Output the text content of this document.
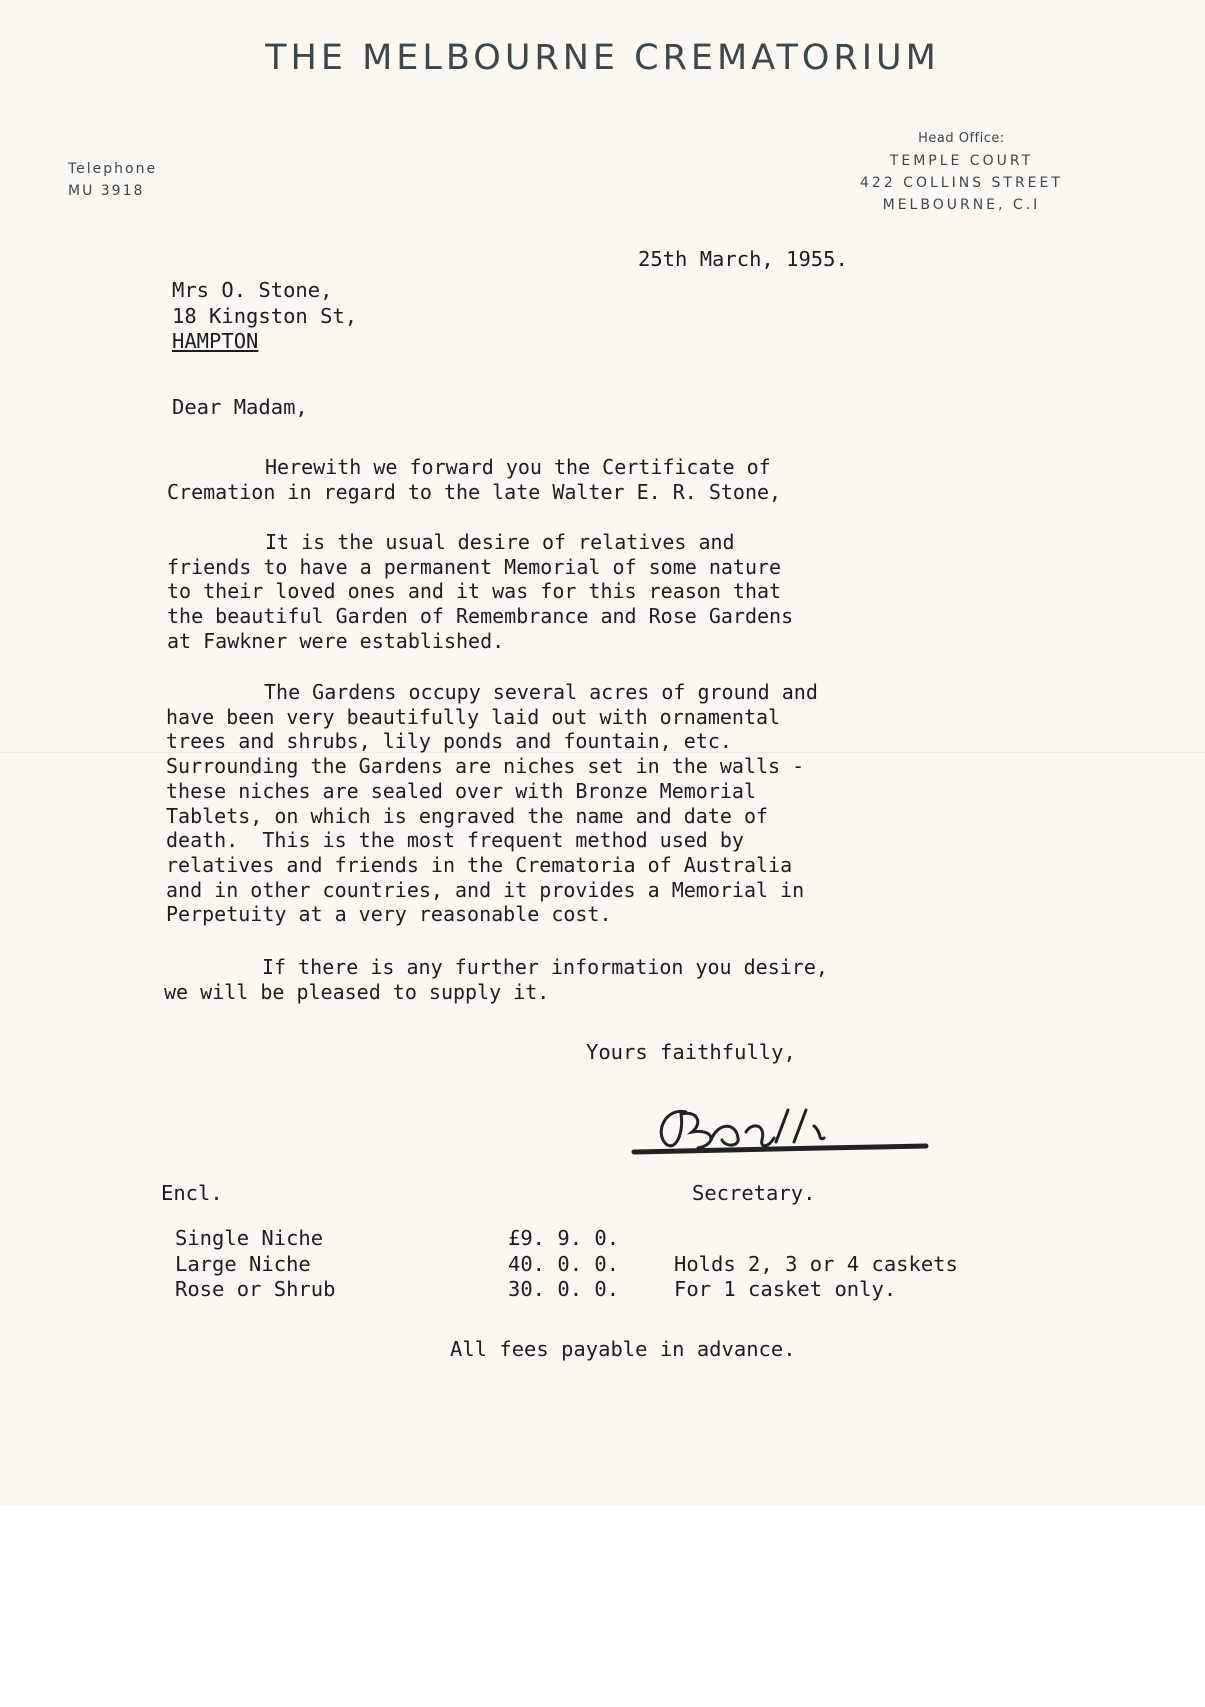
THE MELBOURNE CREMATORIUM
Telephone
MU 3918
Head Office:
TEMPLE COURT
422 COLLINS STREET
MELBOURNE, C.I
25th March, 1955.
Mrs O. Stone,
18 Kingston St,
HAMPTON
Dear Madam,
Herewith we forward you the Certificate of
Cremation in regard to the late Walter E. R. Stone,
It is the usual desire of relatives and
friends to have a permanent Memorial of some nature
to their loved ones and it was for this reason that
the beautiful Garden of Remembrance and Rose Gardens
at Fawkner were established.
The Gardens occupy several acres of ground and
have been very beautifully laid out with ornamental
trees and shrubs, lily ponds and fountain, etc.
Surrounding the Gardens are niches set in the walls -
these niches are sealed over with Bronze Memorial
Tablets, on which is engraved the name and date of
death.  This is the most frequent method used by
relatives and friends in the Crematoria of Australia
and in other countries, and it provides a Memorial in
Perpetuity at a very reasonable cost.
If there is any further information you desire,
we will be pleased to supply it.
Yours faithfully,
Encl.	Secretary.
Single Niche	£9. 9. 0.	
Large Niche	40. 0. 0.	Holds 2, 3 or 4 caskets
Rose or Shrub	30. 0. 0.	For 1 casket only.
All fees payable in advance.
